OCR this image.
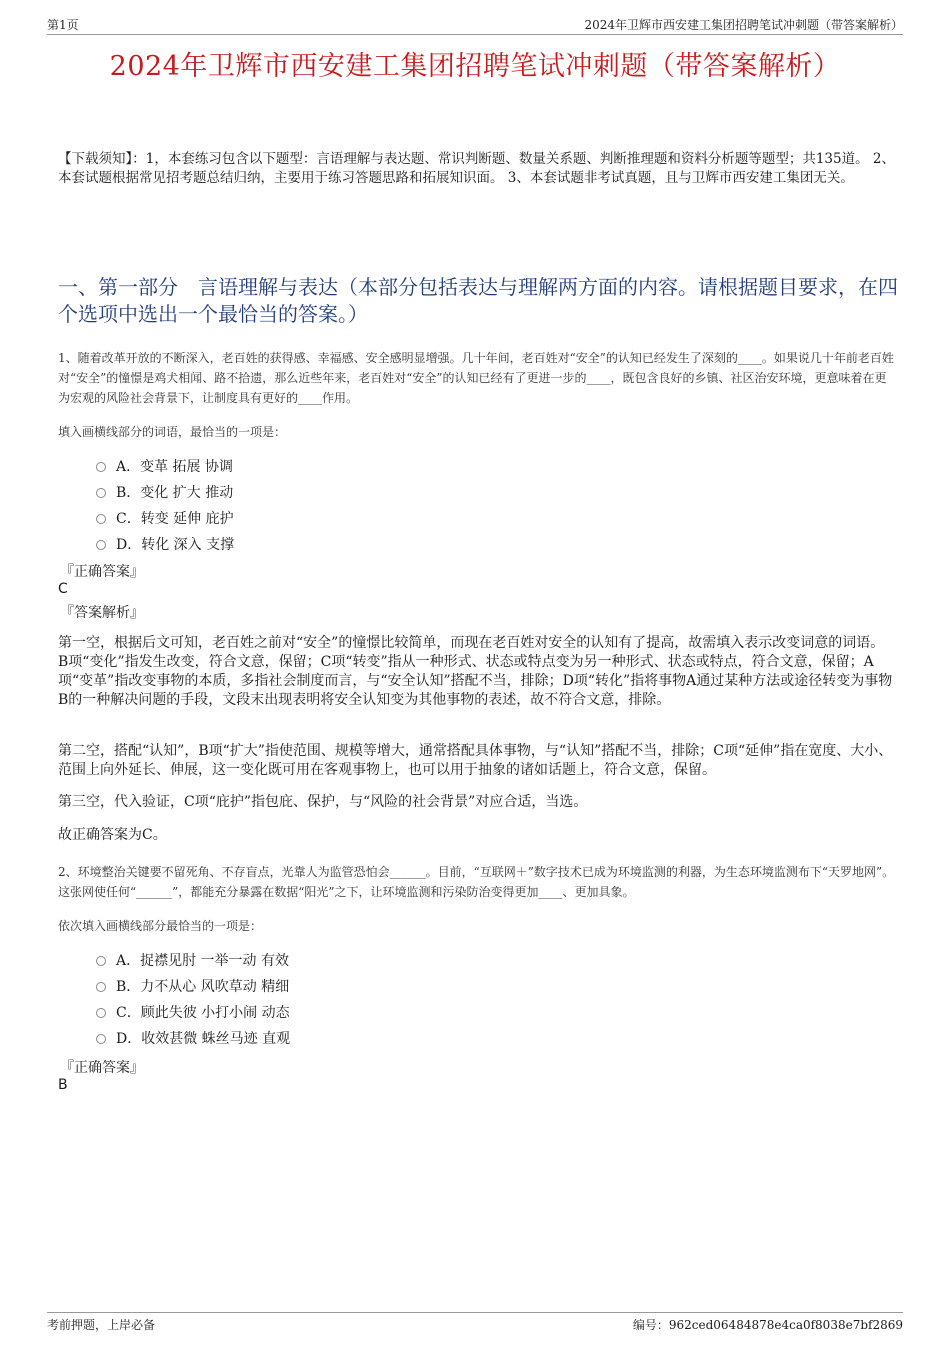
第1页	2024年卫辉市西安建工集团招聘笔试冲刺题（带答案解析）
2024年卫辉市西安建工集团招聘笔试冲刺题（带答案解析）
【下载须知】：1，本套练习包含以下题型：言语理解与表达题、常识判断题、数量关系题、判断推理题和资料分析题等题型；共135道。 2、本套试题根据常见招考题总结归纳，主要用于练习答题思路和拓展知识面。 3、本套试题非考试真题，且与卫辉市西安建工集团无关。
一、第一部分　言语理解与表达（本部分包括表达与理解两方面的内容。请根据题目要求，在四个选项中选出一个最恰当的答案。）
1、随着改革开放的不断深入，老百姓的获得感、幸福感、安全感明显增强。几十年间，老百姓对“安全”的认知已经发生了深刻的____。如果说几十年前老百姓对“安全”的憧憬是鸡犬相闻、路不拾遗，那么近些年来，老百姓对“安全”的认知已经有了更进一步的____，既包含良好的乡镇、社区治安环境，更意味着在更为宏观的风险社会背景下，让制度具有更好的____作用。
填入画横线部分的词语，最恰当的一项是：
A．变革 拓展 协调
B．变化 扩大 推动
C．转变 延伸 庇护
D．转化 深入 支撑
『正确答案』
C
『答案解析』
第一空，根据后文可知，老百姓之前对“安全”的憧憬比较简单，而现在老百姓对安全的认知有了提高，故需填入表示改变词意的词语。B项“变化”指发生改变，符合文意，保留；C项“转变”指从一种形式、状态或特点变为另一种形式、状态或特点，符合文意，保留；A项“变革”指改变事物的本质，多指社会制度而言，与“安全认知”搭配不当，排除；D项“转化”指将事物A通过某种方法或途径转变为事物B的一种解决问题的手段，文段末出现表明将安全认知变为其他事物的表述，故不符合文意，排除。
第二空，搭配“认知”，B项“扩大”指使范围、规模等增大，通常搭配具体事物，与“认知”搭配不当，排除；C项“延伸”指在宽度、大小、范围上向外延长、伸展，这一变化既可用在客观事物上，也可以用于抽象的诸如话题上，符合文意，保留。
第三空，代入验证，C项“庇护”指包庇、保护，与“风险的社会背景”对应合适，当选。
故正确答案为C。
2、环境整治关键要不留死角、不存盲点，光靠人为监管恐怕会______。目前，“互联网＋”数字技术已成为环境监测的利器，为生态环境监测布下“天罗地网”。这张网使任何“______”，都能充分暴露在数据“阳光”之下，让环境监测和污染防治变得更加____、更加具象。
依次填入画横线部分最恰当的一项是：
A．捉襟见肘 一举一动 有效
B．力不从心 风吹草动 精细
C．顾此失彼 小打小闹 动态
D．收效甚微 蛛丝马迹 直观
『正确答案』
B
考前押题，上岸必备	编号：962ced06484878e4ca0f8038e7bf2869
